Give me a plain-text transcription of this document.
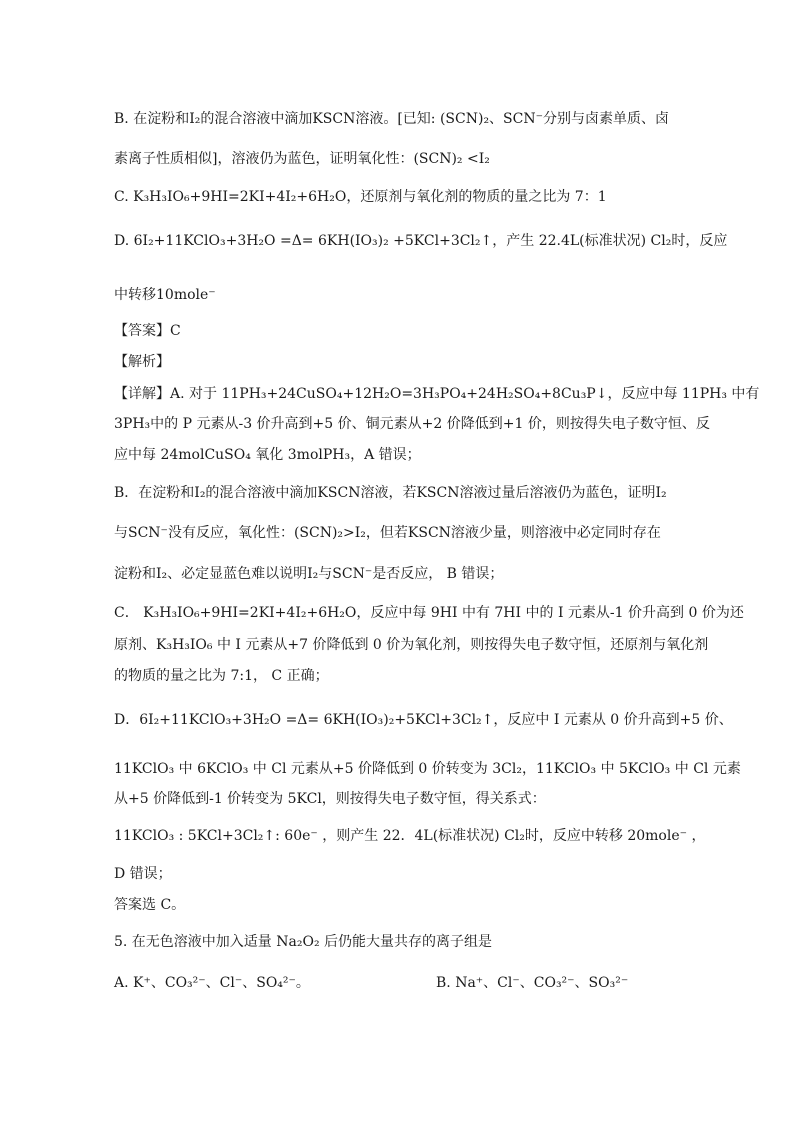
B. 在淀粉和I₂的混合溶液中滴加KSCN溶液。[已知: (SCN)₂、SCN⁻分别与卤素单质、卤
素离子性质相似]，溶液仍为蓝色，证明氧化性：(SCN)₂ <I₂
C. K₃H₃IO₆+9HI=2KI+4I₂+6H₂O，还原剂与氧化剂的物质的量之比为 7：1
D. 6I₂+11KClO₃+3H₂O =Δ= 6KH(IO₃)₂ +5KCl+3Cl₂↑，产生 22.4L(标准状况) Cl₂时，反应
中转移10mole⁻
【答案】C
【解析】
【详解】A. 对于 11PH₃+24CuSO₄+12H₂O=3H₃PO₄+24H₂SO₄+8Cu₃P↓，反应中每 11PH₃ 中有
3PH₃中的 P 元素从-3 价升高到+5 价、铜元素从+2 价降低到+1 价，则按得失电子数守恒、反
应中每 24molCuSO₄ 氧化 3molPH₃，A 错误；
B．在淀粉和I₂的混合溶液中滴加KSCN溶液，若KSCN溶液过量后溶液仍为蓝色，证明I₂
与SCN⁻没有反应，氧化性：(SCN)₂>I₂，但若KSCN溶液少量，则溶液中必定同时存在
淀粉和I₂、必定显蓝色难以说明I₂与SCN⁻是否反应， B 错误；
C． K₃H₃IO₆+9HI=2KI+4I₂+6H₂O，反应中每 9HI 中有 7HI 中的 I 元素从-1 价升高到 0 价为还
原剂、K₃H₃IO₆ 中 I 元素从+7 价降低到 0 价为氧化剂，则按得失电子数守恒，还原剂与氧化剂
的物质的量之比为 7:1， C 正确；
D．6I₂+11KClO₃+3H₂O =Δ= 6KH(IO₃)₂+5KCl+3Cl₂↑，反应中 I 元素从 0 价升高到+5 价、
11KClO₃ 中 6KClO₃ 中 Cl 元素从+5 价降低到 0 价转变为 3Cl₂，11KClO₃ 中 5KClO₃ 中 Cl 元素
从+5 价降低到-1 价转变为 5KCl，则按得失电子数守恒，得关系式：
11KClO₃ : 5KCl+3Cl₂↑: 60e⁻ ，则产生 22．4L(标准状况) Cl₂时，反应中转移 20mole⁻ ，
D 错误；
答案选 C。
5. 在无色溶液中加入适量 Na₂O₂ 后仍能大量共存的离子组是
A. K⁺、CO₃²⁻、Cl⁻、SO₄²⁻。	B. Na⁺、Cl⁻、CO₃²⁻、SO₃²⁻
